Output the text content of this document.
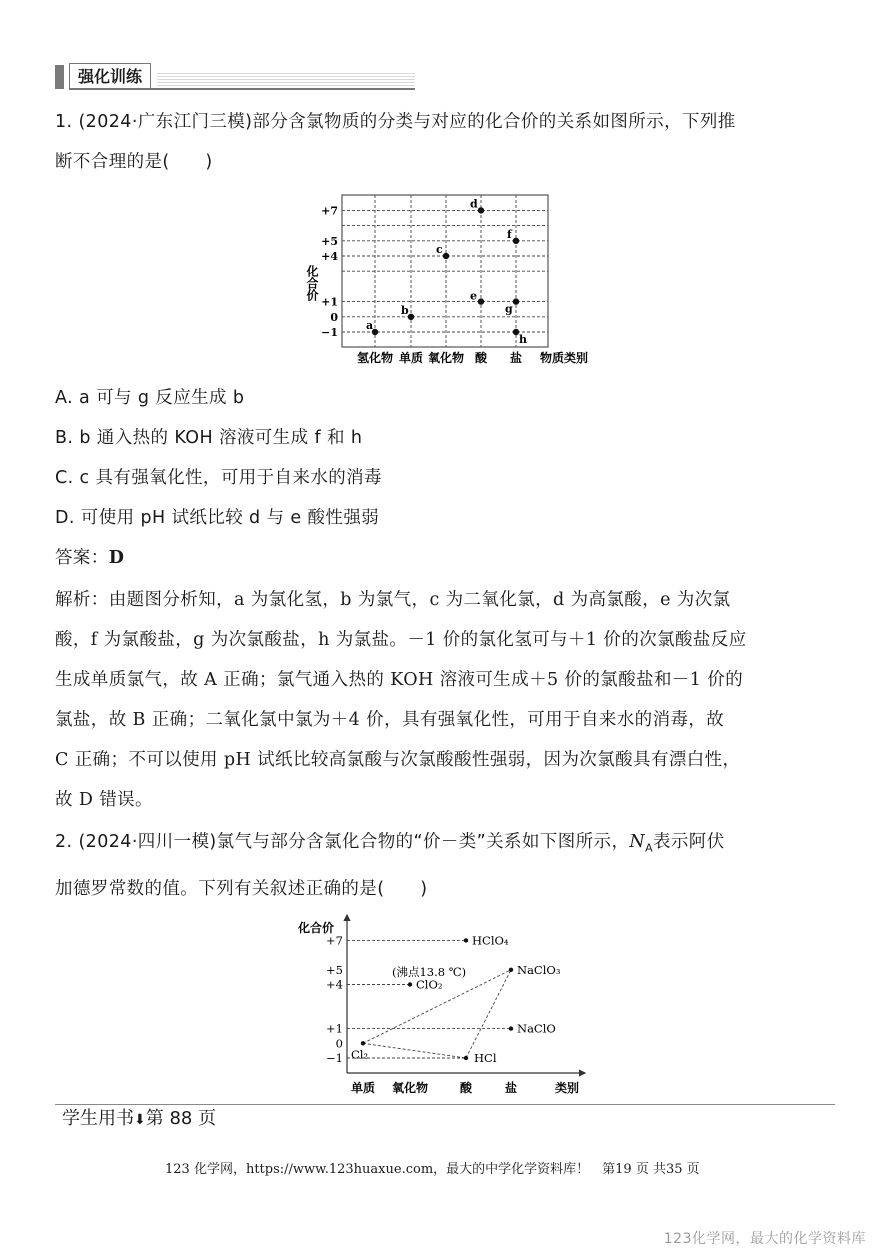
强化训练
1. (2024·广东江门三模)部分含氯物质的分类与对应的化合价的关系如图所示，下列推
断不合理的是(　　)
+7
+5
+4
+1
0
−1
氢化物 单质 氧化物 酸 盐
a
b
c
d
e
f
g
h
化合价
物质类别
A. a 可与 g 反应生成 b
B. b 通入热的 KOH 溶液可生成 f 和 h
C. c 具有强氧化性，可用于自来水的消毒
D. 可使用 pH 试纸比较 d 与 e 酸性强弱
答案：D
解析：由题图分析知，a 为氯化氢，b 为氯气，c 为二氧化氯，d 为高氯酸，e 为次氯
酸，f 为氯酸盐，g 为次氯酸盐，h 为氯盐。－1 价的氯化氢可与＋1 价的次氯酸盐反应
生成单质氯气，故 A 正确；氯气通入热的 KOH 溶液可生成＋5 价的氯酸盐和－1 价的
氯盐，故 B 正确；二氧化氯中氯为＋4 价，具有强氧化性，可用于自来水的消毒，故
C 正确；不可以使用 pH 试纸比较高氯酸与次氯酸酸性强弱，因为次氯酸具有漂白性，
故 D 错误。
2. (2024·四川一模)氯气与部分含氯化合物的“价－类”关系如下图所示，$N_A$表示阿伏
加德罗常数的值。下列有关叙述正确的是(　　)
化合价
类别
+7
+5
+4
+1
0
−1
单质 氧化物	酸	盐
Cl₂
ClO₂
HClO₄
HCl
NaClO₃
NaClO
(沸点13.8 ℃)
学生用书⬇第 88 页
123 化学网，https://www.123huaxue.com，最大的中学化学资料库！　第19 页 共35 页
123化学网，最大的化学资料库
